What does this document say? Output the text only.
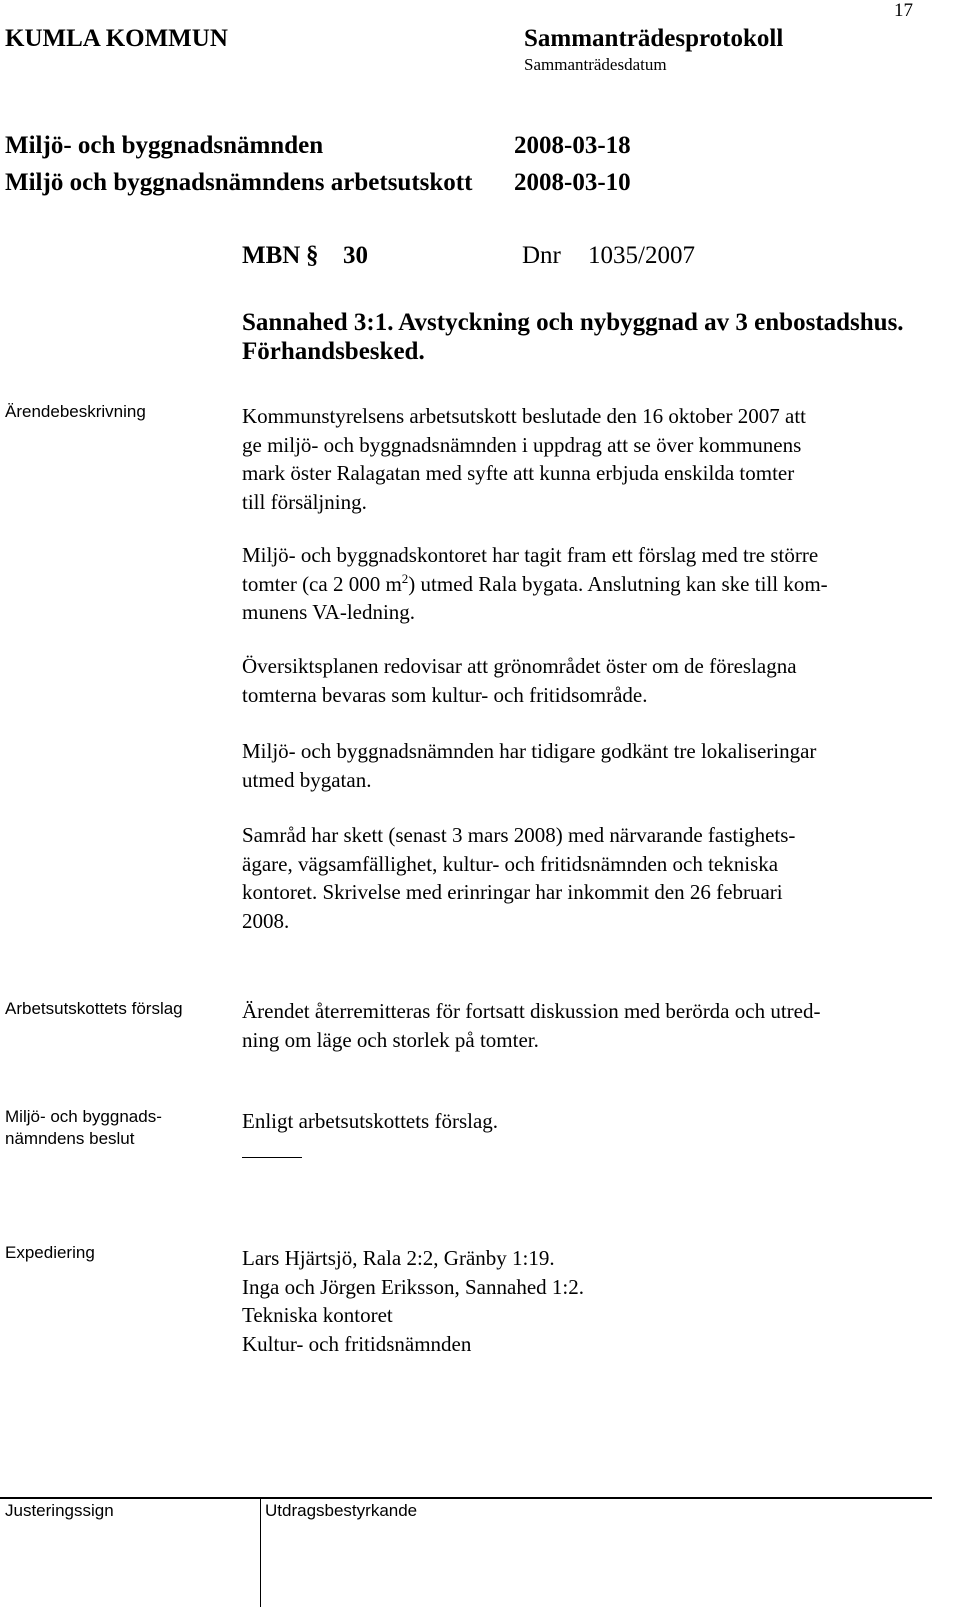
17
KUMLA KOMMUN	Sammanträdesprotokoll
Sammanträdesdatum
Miljö- och byggnadsnämnden	2008-03-18
Miljö och byggnadsnämndens arbetsutskott 2008-03-10
MBN § 30	Dnr 1035/2007
Sannahed 3:1. Avstyckning och nybyggnad av 3 enbostadshus.
Förhandsbesked.
Ärendebeskrivning	Kommunstyrelsens arbetsutskott beslutade den 16 oktober 2007 att
ge miljö- och byggnadsnämnden i uppdrag att se över kommunens
mark öster Ralagatan med syfte att kunna erbjuda enskilda tomter
till försäljning.
Miljö- och byggnadskontoret har tagit fram ett förslag med tre större
tomter (ca 2 000 $m^2$) utmed Rala bygata. Anslutning kan ske till kom-
munens VA-ledning.
Översiktsplanen redovisar att grönområdet öster om de föreslagna
tomterna bevaras som kultur- och fritidsområde.
Miljö- och byggnadsnämnden har tidigare godkänt tre lokaliseringar
utmed bygatan.
Samråd har skett (senast 3 mars 2008) med närvarande fastighets-
ägare, vägsamfällighet, kultur- och fritidsnämnden och tekniska
kontoret. Skrivelse med erinringar har inkommit den 26 februari
2008.
Arbetsutskottets förslag	Ärendet återremitteras för fortsatt diskussion med berörda och utred-
ning om läge och storlek på tomter.
Miljö- och byggnads-
nämndens beslut
Enligt arbetsutskottets förslag.
Expediering	Lars Hjärtsjö, Rala 2:2, Gränby 1:19.
Inga och Jörgen Eriksson, Sannahed 1:2.
Tekniska kontoret
Kultur- och fritidsnämnden
Justeringssign	Utdragsbestyrkande
